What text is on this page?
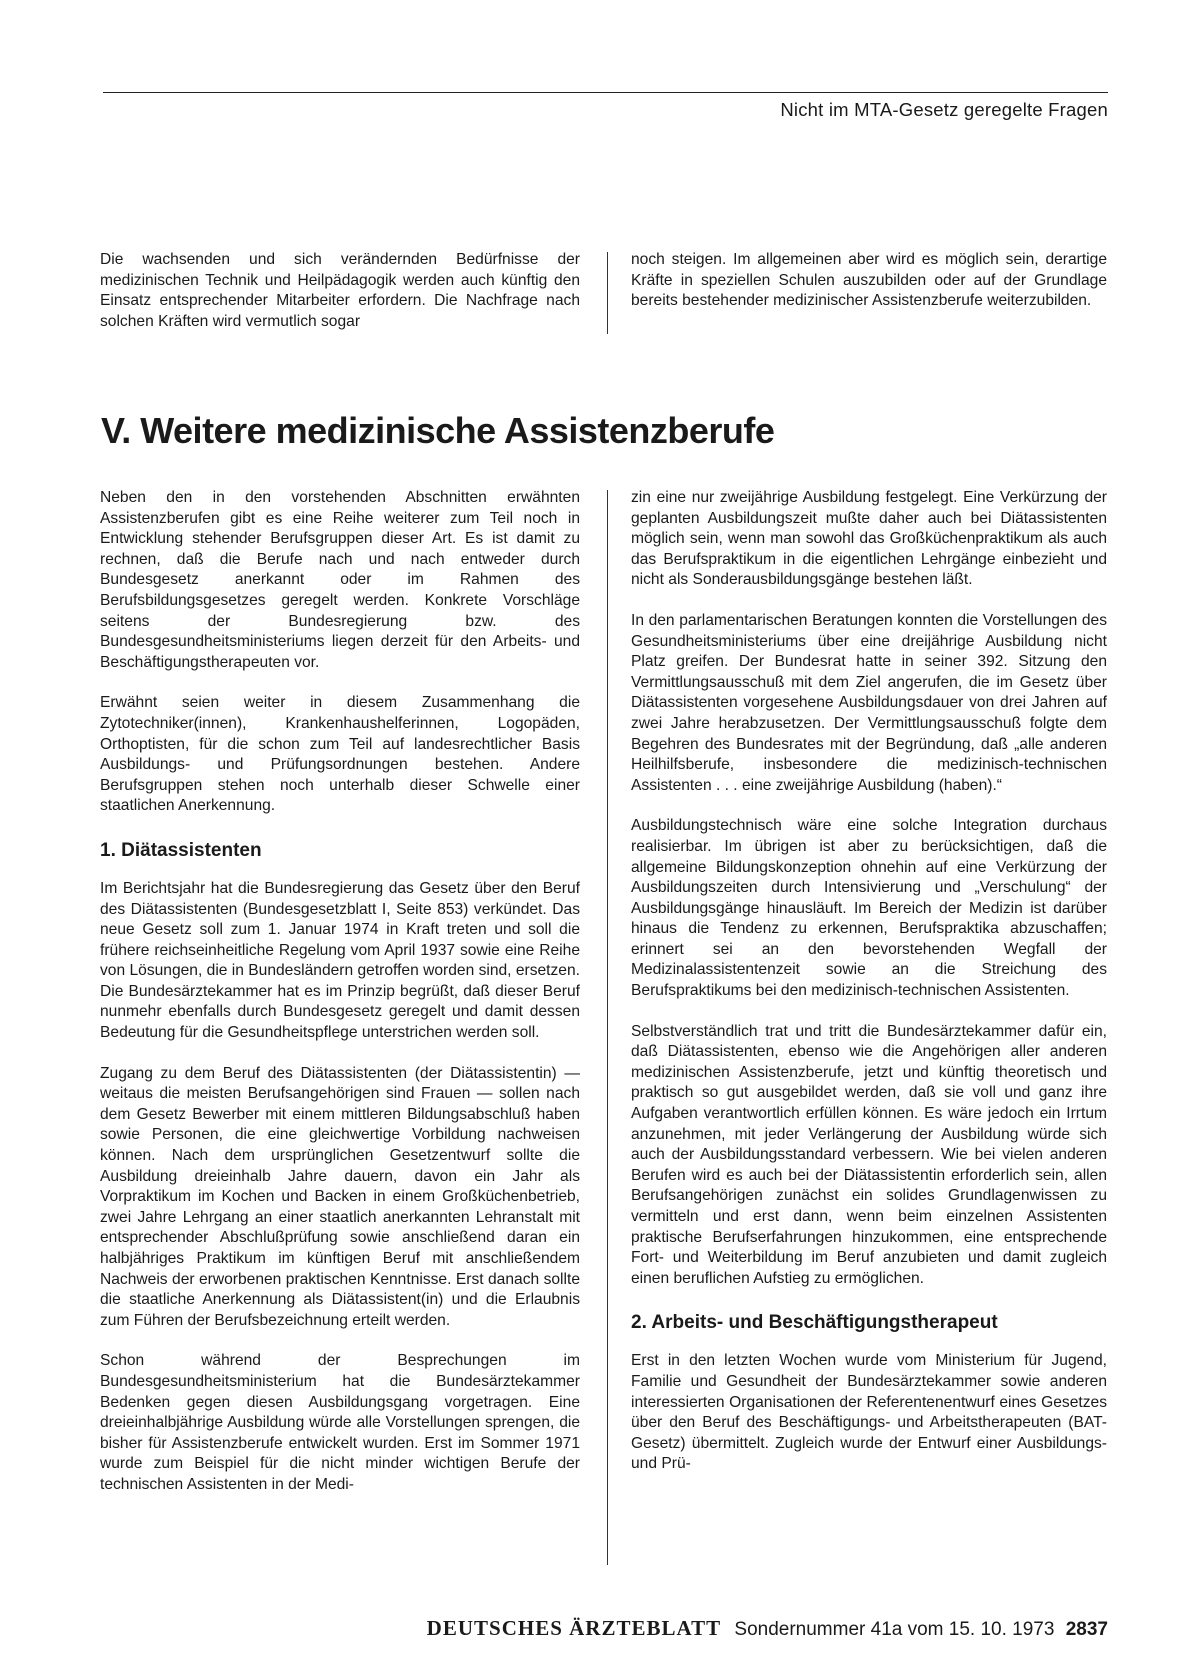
Nicht im MTA-Gesetz geregelte Fragen

Die wachsenden und sich verändernden Bedürfnisse der medizinischen Technik und Heilpädagogik werden auch künftig den Einsatz entsprechender Mitarbeiter erfordern. Die Nachfrage nach solchen Kräften wird vermutlich sogar

noch steigen. Im allgemeinen aber wird es möglich sein, derartige Kräfte in speziellen Schulen auszubilden oder auf der Grundlage bereits bestehender medizinischer Assistenzberufe weiterzubilden.

V. Weitere medizinische Assistenzberufe

Neben den in den vorstehenden Abschnitten erwähnten Assistenzberufen gibt es eine Reihe weiterer zum Teil noch in Entwicklung stehender Berufsgruppen dieser Art. Es ist damit zu rechnen, daß die Berufe nach und nach entweder durch Bundesgesetz anerkannt oder im Rahmen des Berufsbildungsgesetzes geregelt werden. Konkrete Vorschläge seitens der Bundesregierung bzw. des Bundesgesundheitsministeriums liegen derzeit für den Arbeits- und Beschäftigungstherapeuten vor.

Erwähnt seien weiter in diesem Zusammenhang die Zytotechniker(innen), Krankenhaushelferinnen, Logopäden, Orthoptisten, für die schon zum Teil auf landesrechtlicher Basis Ausbildungs- und Prüfungsordnungen bestehen. Andere Berufsgruppen stehen noch unterhalb dieser Schwelle einer staatlichen Anerkennung.

1. Diätassistenten

Im Berichtsjahr hat die Bundesregierung das Gesetz über den Beruf des Diätassistenten (Bundesgesetzblatt I, Seite 853) verkündet. Das neue Gesetz soll zum 1. Januar 1974 in Kraft treten und soll die frühere reichseinheitliche Regelung vom April 1937 sowie eine Reihe von Lösungen, die in Bundesländern getroffen worden sind, ersetzen. Die Bundesärztekammer hat es im Prinzip begrüßt, daß dieser Beruf nunmehr ebenfalls durch Bundesgesetz geregelt und damit dessen Bedeutung für die Gesundheitspflege unterstrichen werden soll.

Zugang zu dem Beruf des Diätassistenten (der Diätassistentin) — weitaus die meisten Berufsangehörigen sind Frauen — sollen nach dem Gesetz Bewerber mit einem mittleren Bildungsabschluß haben sowie Personen, die eine gleichwertige Vorbildung nachweisen können. Nach dem ursprünglichen Gesetzentwurf sollte die Ausbildung dreieinhalb Jahre dauern, davon ein Jahr als Vorpraktikum im Kochen und Backen in einem Großküchenbetrieb, zwei Jahre Lehrgang an einer staatlich anerkannten Lehranstalt mit entsprechender Abschlußprüfung sowie anschließend daran ein halbjähriges Praktikum im künftigen Beruf mit anschließendem Nachweis der erworbenen praktischen Kenntnisse. Erst danach sollte die staatliche Anerkennung als Diätassistent(in) und die Erlaubnis zum Führen der Berufsbezeichnung erteilt werden.

Schon während der Besprechungen im Bundesgesundheitsministerium hat die Bundesärztekammer Bedenken gegen diesen Ausbildungsgang vorgetragen. Eine dreieinhalbjährige Ausbildung würde alle Vorstellungen sprengen, die bisher für Assistenzberufe entwickelt wurden. Erst im Sommer 1971 wurde zum Beispiel für die nicht minder wichtigen Berufe der technischen Assistenten in der Medi-

zin eine nur zweijährige Ausbildung festgelegt. Eine Verkürzung der geplanten Ausbildungszeit mußte daher auch bei Diätassistenten möglich sein, wenn man sowohl das Großküchenpraktikum als auch das Berufspraktikum in die eigentlichen Lehrgänge einbezieht und nicht als Sonderausbildungsgänge bestehen läßt.

In den parlamentarischen Beratungen konnten die Vorstellungen des Gesundheitsministeriums über eine dreijährige Ausbildung nicht Platz greifen. Der Bundesrat hatte in seiner 392. Sitzung den Vermittlungsausschuß mit dem Ziel angerufen, die im Gesetz über Diätassistenten vorgesehene Ausbildungsdauer von drei Jahren auf zwei Jahre herabzusetzen. Der Vermittlungsausschuß folgte dem Begehren des Bundesrates mit der Begründung, daß „alle anderen Heilhilfsberufe, insbesondere die medizinisch-technischen Assistenten . . . eine zweijährige Ausbildung (haben).“

Ausbildungstechnisch wäre eine solche Integration durchaus realisierbar. Im übrigen ist aber zu berücksichtigen, daß die allgemeine Bildungskonzeption ohnehin auf eine Verkürzung der Ausbildungszeiten durch Intensivierung und „Verschulung“ der Ausbildungsgänge hinausläuft. Im Bereich der Medizin ist darüber hinaus die Tendenz zu erkennen, Berufspraktika abzuschaffen; erinnert sei an den bevorstehenden Wegfall der Medizinalassistentenzeit sowie an die Streichung des Berufspraktikums bei den medizinisch-technischen Assistenten.

Selbstverständlich trat und tritt die Bundesärztekammer dafür ein, daß Diätassistenten, ebenso wie die Angehörigen aller anderen medizinischen Assistenzberufe, jetzt und künftig theoretisch und praktisch so gut ausgebildet werden, daß sie voll und ganz ihre Aufgaben verantwortlich erfüllen können. Es wäre jedoch ein Irrtum anzunehmen, mit jeder Verlängerung der Ausbildung würde sich auch der Ausbildungsstandard verbessern. Wie bei vielen anderen Berufen wird es auch bei der Diätassistentin erforderlich sein, allen Berufsangehörigen zunächst ein solides Grundlagenwissen zu vermitteln und erst dann, wenn beim einzelnen Assistenten praktische Berufserfahrungen hinzukommen, eine entsprechende Fort- und Weiterbildung im Beruf anzubieten und damit zugleich einen beruflichen Aufstieg zu ermöglichen.

2. Arbeits- und Beschäftigungstherapeut

Erst in den letzten Wochen wurde vom Ministerium für Jugend, Familie und Gesundheit der Bundesärztekammer sowie anderen interessierten Organisationen der Referentenentwurf eines Gesetzes über den Beruf des Beschäftigungs- und Arbeitstherapeuten (BAT-Gesetz) übermittelt. Zugleich wurde der Entwurf einer Ausbildungs- und Prü-

DEUTSCHES ÄRZTEBLATT Sondernummer 41a vom 15. 10. 1973 2837
